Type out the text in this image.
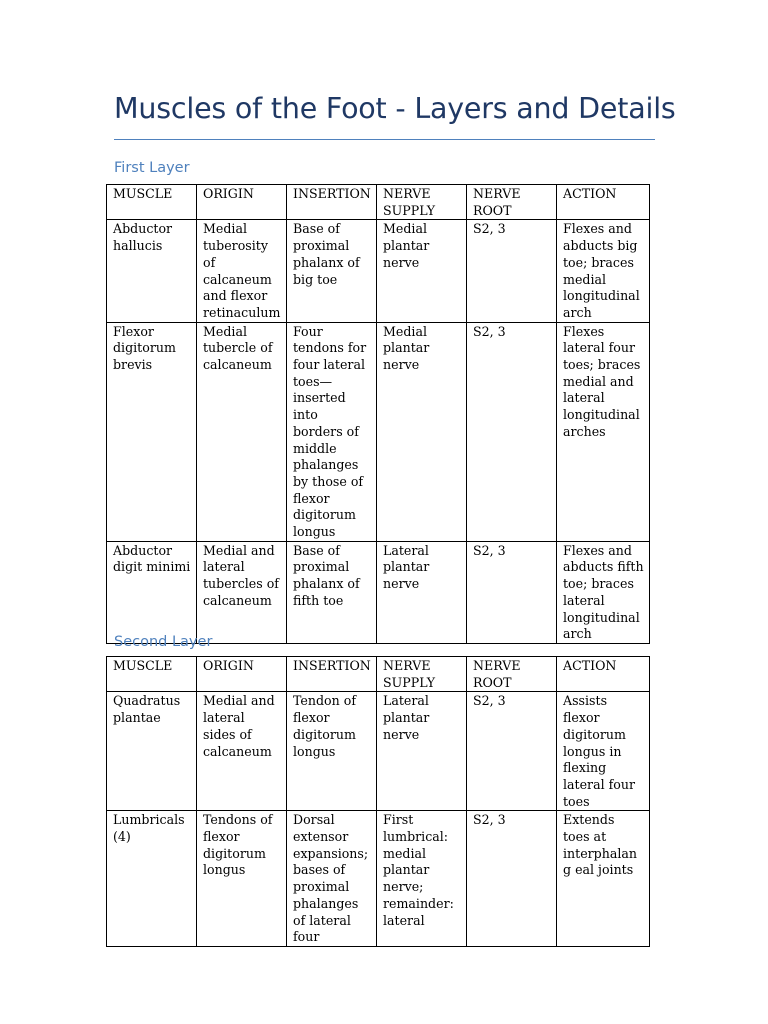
Muscles of the Foot - Layers and Details
First Layer
MUSCLE	ORIGIN	INSERTION	NERVE SUPPLY	NERVE ROOT	ACTION
Abductor hallucis	Medial tuberosity of calcaneum and flexor retinaculum	Base of proximal phalanx of big toe	Medial plantar nerve	S2, 3	Flexes and abducts big toe; braces medial longitudinal arch
Flexor digitorum brevis	Medial tubercle of calcaneum	Four tendons for four lateral toes—inserted into borders of middle phalanges by those of flexor digitorum longus	Medial plantar nerve	S2, 3	Flexes lateral four toes; braces medial and lateral longitudinal arches
Abductor digit minimi	Medial and lateral tubercles of calcaneum	Base of proximal phalanx of fifth toe	Lateral plantar nerve	S2, 3	Flexes and abducts fifth toe; braces lateral longitudinal arch
Second Layer
MUSCLE	ORIGIN	INSERTION	NERVE SUPPLY	NERVE ROOT	ACTION
Quadratus plantae	Medial and lateral sides of calcaneum	Tendon of flexor digitorum longus	Lateral plantar nerve	S2, 3	Assists flexor digitorum longus in flexing lateral four toes
Lumbricals (4)	Tendons of flexor digitorum longus	Dorsal extensor expansions; bases of proximal phalanges of lateral four	First lumbrical: medial plantar nerve; remainder: lateral	S2, 3	Extends toes at interphalang eal joints
